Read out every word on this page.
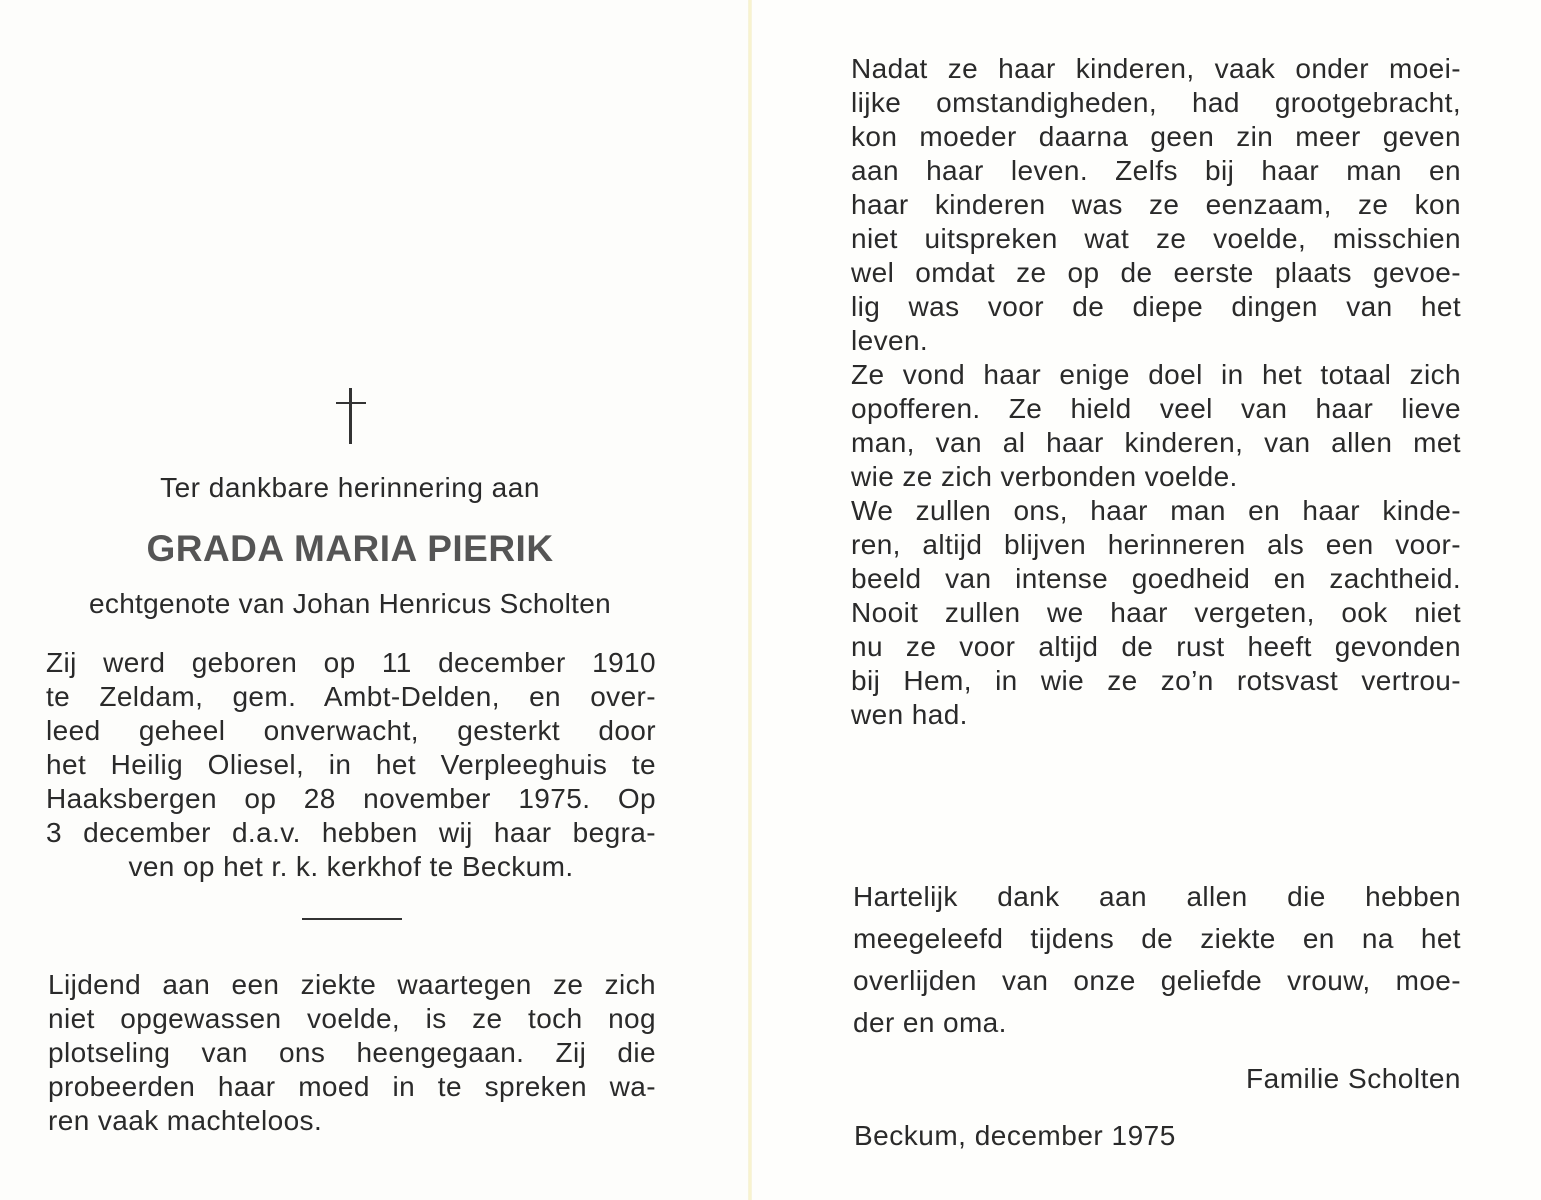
Ter dankbare herinnering aan
GRADA MARIA PIERIK
echtgenote van Johan Henricus Scholten
Zij werd geboren op 11 december 1910
te Zeldam, gem. Ambt-Delden, en over-
leed geheel onverwacht, gesterkt door
het Heilig Oliesel, in het Verpleeghuis te
Haaksbergen op 28 november 1975. Op
3 december d.a.v. hebben wij haar begra-
ven op het r. k. kerkhof te Beckum.
Lijdend aan een ziekte waartegen ze zich
niet opgewassen voelde, is ze toch nog
plotseling van ons heengegaan. Zij die
probeerden haar moed in te spreken wa-
ren vaak machteloos.
Nadat ze haar kinderen, vaak onder moei-
lijke omstandigheden, had grootgebracht,
kon moeder daarna geen zin meer geven
aan haar leven. Zelfs bij haar man en
haar kinderen was ze eenzaam, ze kon
niet uitspreken wat ze voelde, misschien
wel omdat ze op de eerste plaats gevoe-
lig was voor de diepe dingen van het
leven.
Ze vond haar enige doel in het totaal zich
opofferen. Ze hield veel van haar lieve
man, van al haar kinderen, van allen met
wie ze zich verbonden voelde.
We zullen ons, haar man en haar kinde-
ren, altijd blijven herinneren als een voor-
beeld van intense goedheid en zachtheid.
Nooit zullen we haar vergeten, ook niet
nu ze voor altijd de rust heeft gevonden
bij Hem, in wie ze zo’n rotsvast vertrou-
wen had.
Hartelijk dank aan allen die hebben
meegeleefd tijdens de ziekte en na het
overlijden van onze geliefde vrouw, moe-
der en oma.
Familie Scholten
Beckum, december 1975
